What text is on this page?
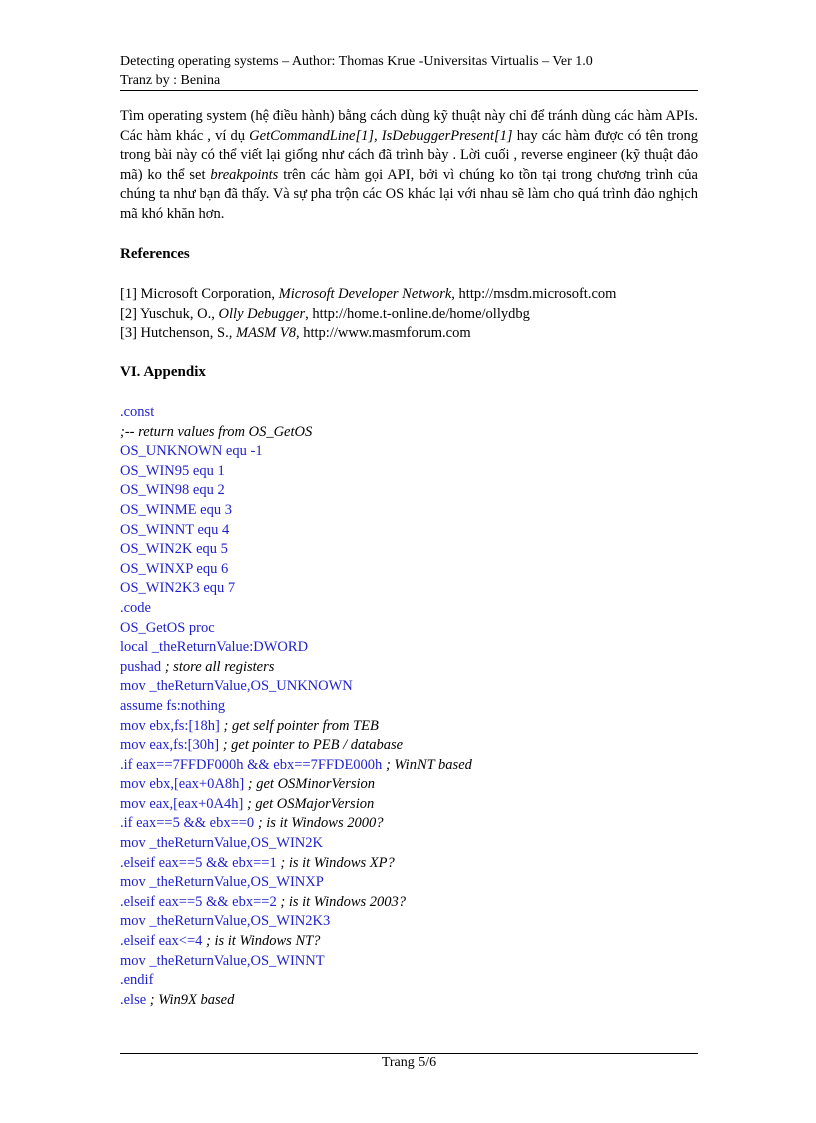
Detecting operating systems – Author: Thomas Krue -Universitas Virtualis – Ver 1.0
Tranz by : Benina

Tìm operating system (hệ điều hành) bằng cách dùng kỹ thuật này chỉ để tránh dùng các hàm APIs. Các hàm khác , ví dụ GetCommandLine[1], IsDebuggerPresent[1] hay các hàm được có tên trong trong bài này có thể viết lại giống như cách đã trình bày . Lời cuối , reverse engineer (kỹ thuật đảo mã) ko thể set breakpoints trên các hàm gọi API, bởi vì chúng ko tồn tại trong chương trình của chúng ta như bạn đã thấy. Và sự pha trộn các OS khác lại với nhau sẽ làm cho quá trình đảo nghịch mã khó khăn hơn.

References
[1] Microsoft Corporation, Microsoft Developer Network, http://msdm.microsoft.com
[2] Yuschuk, O., Olly Debugger, http://home.t-online.de/home/ollydbg
[3] Hutchenson, S., MASM V8, http://www.masmforum.com
VI. Appendix
.const
;-- return values from OS_GetOS
OS_UNKNOWN equ -1
OS_WIN95 equ 1
OS_WIN98 equ 2
OS_WINME equ 3
OS_WINNT equ 4
OS_WIN2K equ 5
OS_WINXP equ 6
OS_WIN2K3 equ 7
.code
OS_GetOS proc
local _theReturnValue:DWORD
pushad ; store all registers
mov _theReturnValue,OS_UNKNOWN
assume fs:nothing
mov ebx,fs:[18h] ; get self pointer from TEB
mov eax,fs:[30h] ; get pointer to PEB / database
.if eax==7FFDF000h && ebx==7FFDE000h ; WinNT based
mov ebx,[eax+0A8h] ; get OSMinorVersion
mov eax,[eax+0A4h] ; get OSMajorVersion
.if eax==5 && ebx==0 ; is it Windows 2000?
mov _theReturnValue,OS_WIN2K
.elseif eax==5 && ebx==1 ; is it Windows XP?
mov _theReturnValue,OS_WINXP
.elseif eax==5 && ebx==2 ; is it Windows 2003?
mov _theReturnValue,OS_WIN2K3
.elseif eax<=4 ; is it Windows NT?
mov _theReturnValue,OS_WINNT
.endif
.else ; Win9X based
Trang 5/6
